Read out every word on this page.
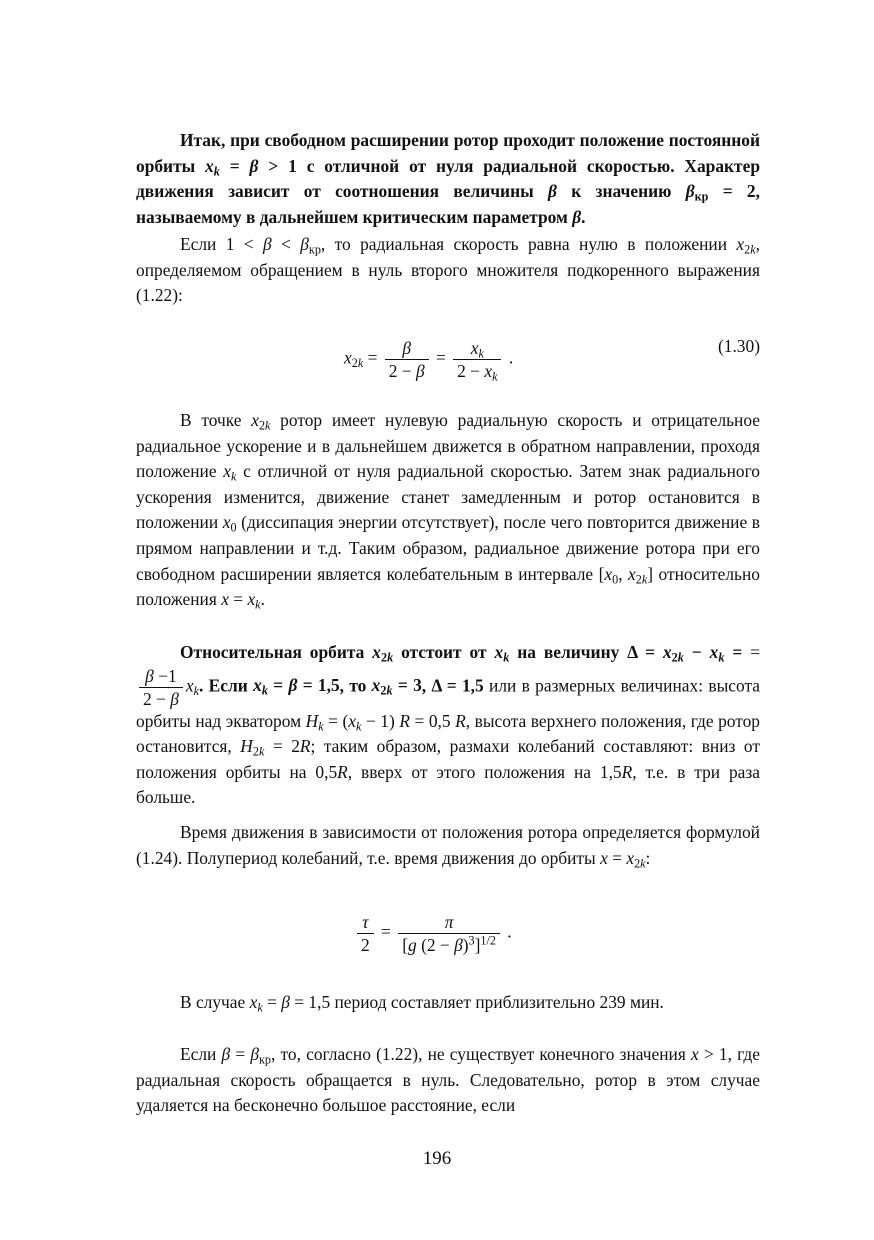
Итак, при свободном расширении ротор проходит положение постоянной орбиты $x_k = \beta > 1$ с отличной от нуля радиальной скоростью. Характер движения зависит от соотношения величины β к значению $\beta_{кр} = 2$, называемому в дальнейшем критическим параметром β.

Если $1 < \beta < \beta_{кр}$, то радиальная скорость равна нулю в положении $x_{2k}$, определяемом обращением в нуль второго множителя подкоренного выражения (1.22):

$x_{2k} = \frac{\beta}{2 - \beta} = \frac{x_k}{2 - x_k}$ .
(1.30)

В точке $x_{2k}$ ротор имеет нулевую радиальную скорость и отрицательное радиальное ускорение и в дальнейшем движется в обратном направлении, проходя положение $x_k$ с отличной от нуля радиальной скоростью. Затем знак радиального ускорения изменится, движение станет замедленным и ротор остановится в положении $x_0$ (диссипация энергии отсутствует), после чего повторится движение в прямом направлении и т.д. Таким образом, радиальное движение ротора при его свободном расширении является колебательным в интервале [$x_0$, $x_{2k}$] относительно положения $x = x_k$.

Относительная орбита $x_{2k}$ отстоит от $x_k$ на величину $\Delta = x_{2k} - x_k$ = =
$\frac{\beta -1}{2 - \beta} x_k$. Если $x_k = \beta = 1,5$, то $x_{2k} = 3$, Δ = 1,5 или в размерных величинах: высота орбиты над экватором $H_k = (x_k - 1) R = 0,5$ R, высота верхнего положения, где ротор остановится, $H_{2k} = 2R$; таким образом, размахи колебаний составляют: вниз от положения орбиты на 0,5R, вверх от этого положения на 1,5R, т.е. в три раза больше.

Время движения в зависимости от положения ротора определяется формулой (1.24). Полупериод колебаний, т.е. время движения до орбиты $x = x_{2k}$:

$\frac{\tau}{2} = \frac{\pi}{[g (2 - \beta)^3]^{1/2}}$ .

В случае $x_k = \beta = 1,5$ период составляет приблизительно 239 мин.

Если $\beta = \beta_{кр}$, то, согласно (1.22), не существует конечного значения x > 1, где радиальная скорость обращается в нуль. Следовательно, ротор в этом случае удаляется на бесконечно большое расстояние, если

196
